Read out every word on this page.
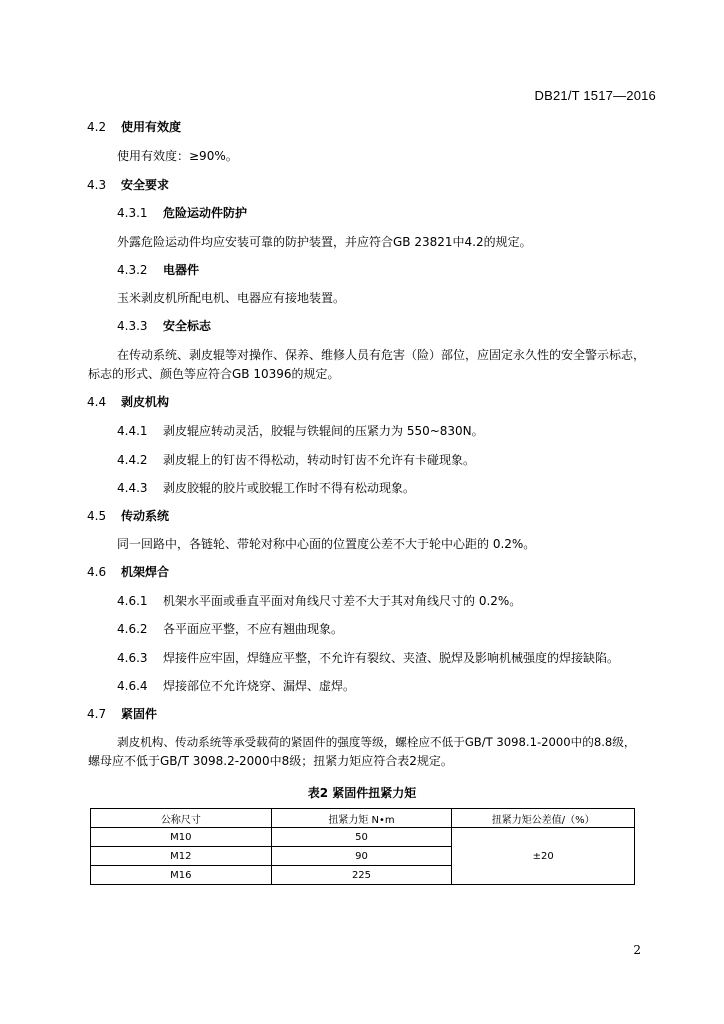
DB21/T 1517—2016
4.2 使用有效度
使用有效度：≥90%。
4.3 安全要求
4.3.1 危险运动件防护
外露危险运动件均应安装可靠的防护装置，并应符合GB 23821中4.2的规定。
4.3.2 电器件
玉米剥皮机所配电机、电器应有接地装置。
4.3.3 安全标志
在传动系统、剥皮辊等对操作、保养、维修人员有危害（险）部位，应固定永久性的安全警示标志，
标志的形式、颜色等应符合GB 10396的规定。
4.4 剥皮机构
4.4.1 剥皮辊应转动灵活，胶辊与铁辊间的压紧力为 550~830N。
4.4.2 剥皮辊上的钉齿不得松动，转动时钉齿不允许有卡碰现象。
4.4.3 剥皮胶辊的胶片或胶辊工作时不得有松动现象。
4.5 传动系统
同一回路中，各链轮、带轮对称中心面的位置度公差不大于轮中心距的 0.2%。
4.6 机架焊合
4.6.1 机架水平面或垂直平面对角线尺寸差不大于其对角线尺寸的 0.2%。
4.6.2 各平面应平整，不应有翘曲现象。
4.6.3 焊接件应牢固，焊缝应平整，不允许有裂纹、夹渣、脱焊及影响机械强度的焊接缺陷。
4.6.4 焊接部位不允许烧穿、漏焊、虚焊。
4.7 紧固件
剥皮机构、传动系统等承受载荷的紧固件的强度等级，螺栓应不低于GB/T 3098.1-2000中的8.8级，
螺母应不低于GB/T 3098.2-2000中8级；扭紧力矩应符合表2规定。
表2 紧固件扭紧力矩
公称尺寸	扭紧力矩 N•m	扭紧力矩公差值/（%）
M10	50	±20
M12	90	
M16	225	
2
